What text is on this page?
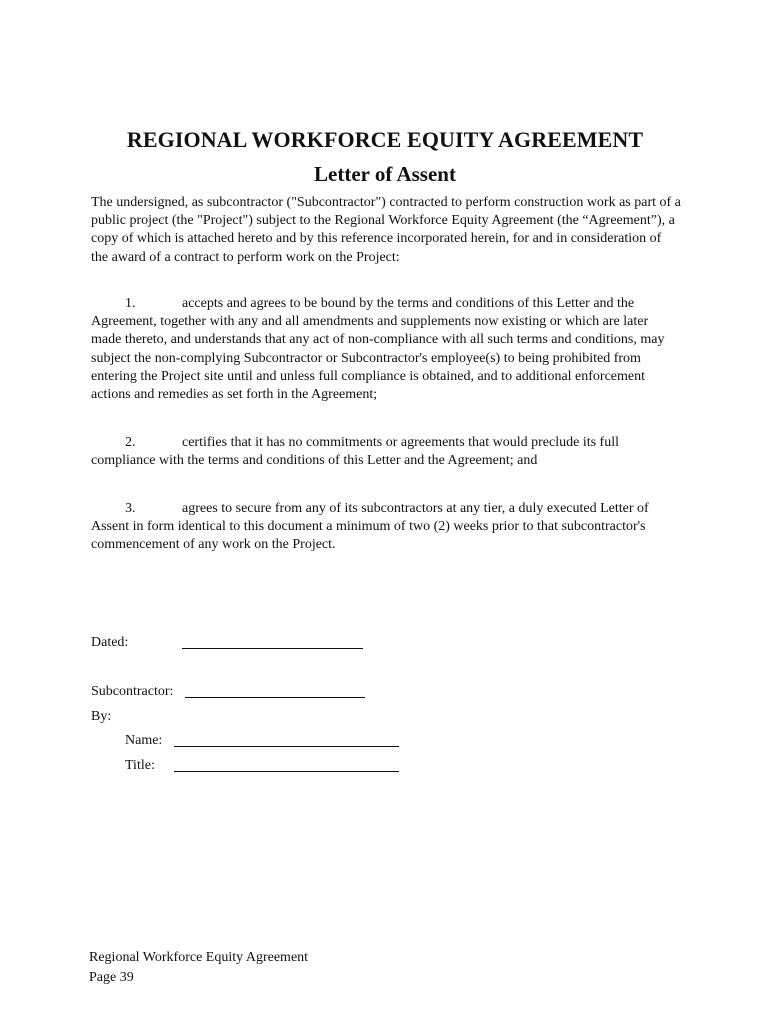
REGIONAL WORKFORCE EQUITY AGREEMENT
Letter of Assent

The undersigned, as subcontractor ("Subcontractor") contracted to perform construction work as part of a public project (the "Project") subject to the Regional Workforce Equity Agreement (the “Agreement”), a copy of which is attached hereto and by this reference incorporated herein, for and in consideration of the award of a contract to perform work on the Project:

1.	accepts and agrees to be bound by the terms and conditions of this Letter and the Agreement, together with any and all amendments and supplements now existing or which are later made thereto, and understands that any act of non-compliance with all such terms and conditions, may subject the non-complying Subcontractor or Subcontractor's employee(s) to being prohibited from entering the Project site until and unless full compliance is obtained, and to additional enforcement actions and remedies as set forth in the Agreement;

2.	certifies that it has no commitments or agreements that would preclude its full compliance with the terms and conditions of this Letter and the Agreement; and

3.	agrees to secure from any of its subcontractors at any tier, a duly executed Letter of Assent in form identical to this document a minimum of two (2) weeks prior to that subcontractor's commencement of any work on the Project.

Dated:
Subcontractor:
By:
Name:
Title:
Regional Workforce Equity Agreement
Page 39
